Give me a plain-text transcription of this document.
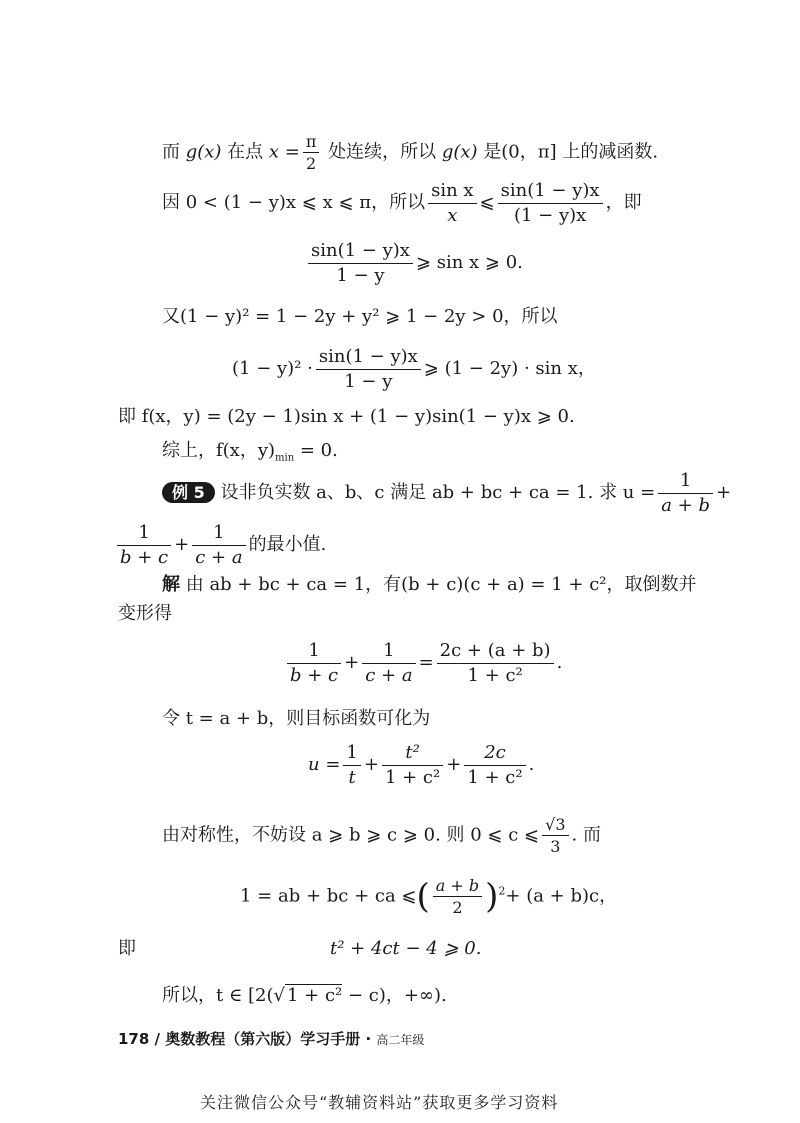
而 g(x) 在点 $x = \frac{\pi}{2}$ 处连续，所以 g(x) 是(0，π] 上的减函数.
因 0 < (1 − y)x ⩽ x ⩽ π，所以 $\frac{\text{sin x}}{x}$ ⩽ $\frac{\sin(1 - y)x}{(1 - y)x}$ ，即
$\frac{\sin(1 - y)x}{1 - y}$ ⩾ sin x ⩾ 0.
又(1 − y)² = 1 − 2y + y² ⩾ 1 − 2y > 0，所以
$(1 - y)^2 \cdot \frac{\sin(1 - y)x}{1 - y}$ ⩾ (1 − 2y) · sin x，
即 f(x，y) = (2y − 1)sin x + (1 − y)sin(1 − y)x ⩾ 0.
综上，f(x，$y)_{min} = 0$.
例 5 设非负实数 a、b、c 满足 ab + bc + ca = 1. 求 $u = \frac{1}{a + b}$ +
$\frac{1}{b + c} + \frac{1}{c + a}$ 的最小值.
解 由 ab + bc + ca = 1，有(b + c)(c + a) = 1 + c²，取倒数并
变形得
$\frac{1}{b + c} + \frac{1}{c + a} = \frac{2c + (a + b)}{\text{1 + c²}}$ .
令 t = a + b，则目标函数可化为
$u = \frac{1}{t} + \frac{\text{t²}}{\text{1 + c²}} + \frac{2c}{\text{1 + c²}}$ .
由对称性，不妨设 a ⩾ b ⩾ c ⩾ 0. 则 0 ⩽ c ⩽ $\frac{√3}{3}$ . 而
1 = ab + bc + ca ⩽( $\frac{a + b}{2} )^2+ (a + b)c$，
即	t² + 4ct − 4 ⩾ 0.
所以，t ∈ [2(√ 1 + c² − c)，+∞).
178 / 奥数教程（第六版）学习手册 · 高二年级
关注微信公众号“教辅资料站”获取更多学习资料
